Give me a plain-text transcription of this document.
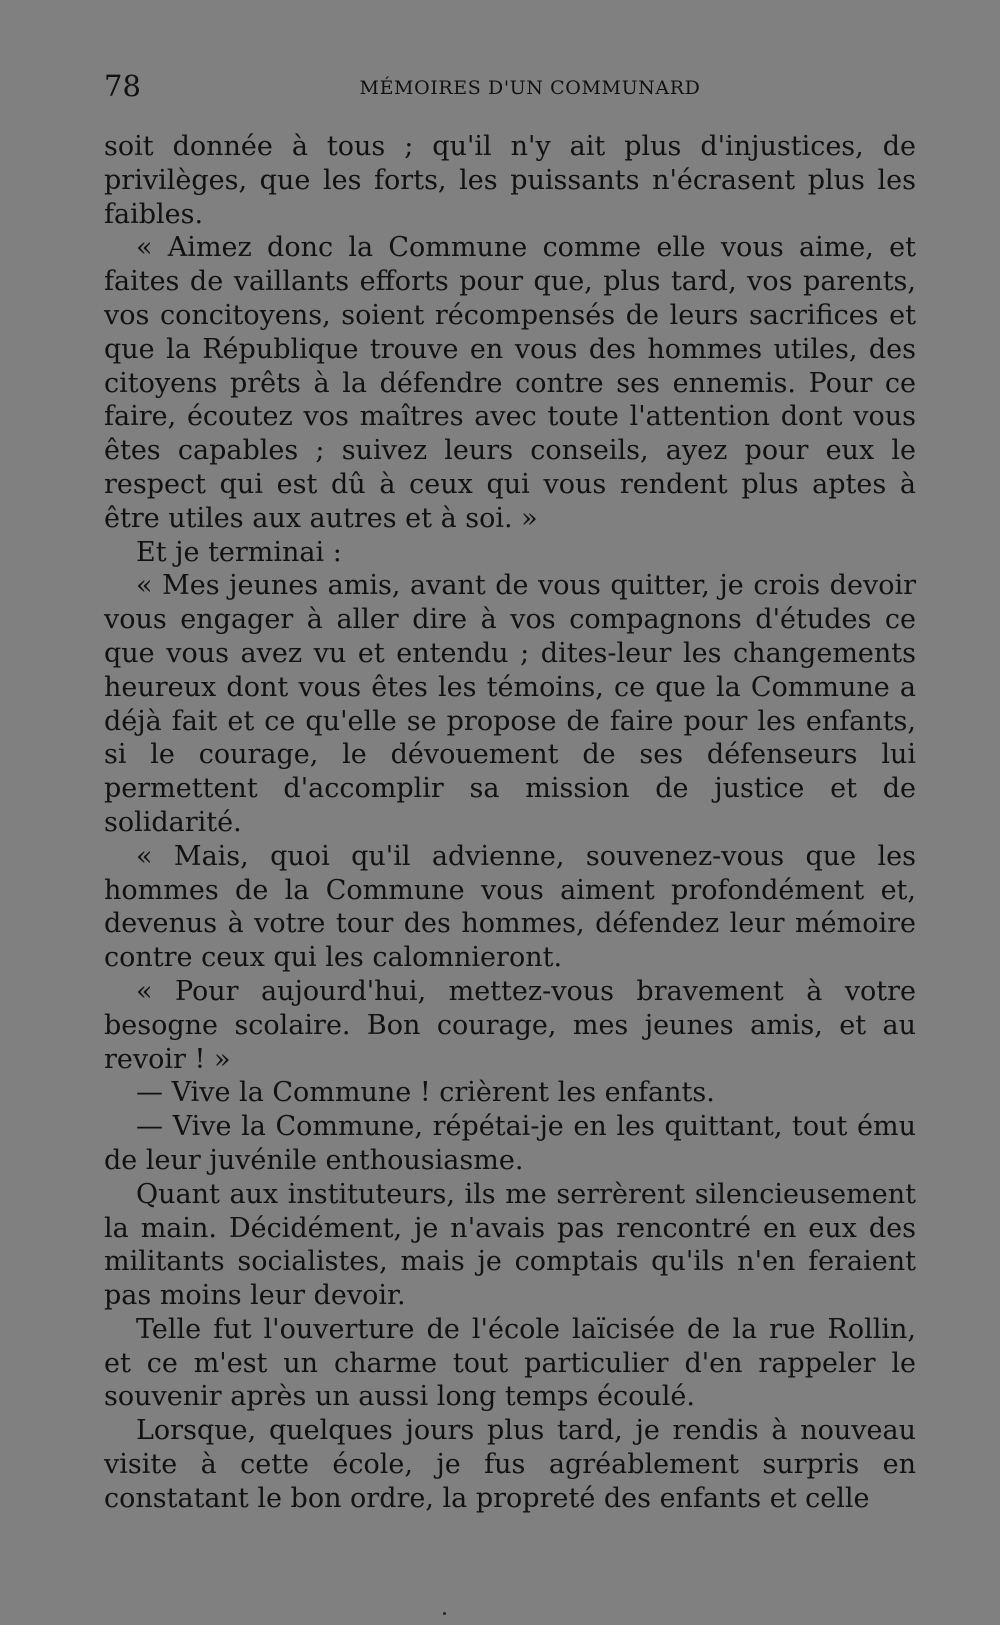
78	MÉMOIRES D'UN COMMUNARD

soit donnée à tous ; qu'il n'y ait plus d'injustices, de privilèges, que les forts, les puissants n'écrasent plus les faibles.

« Aimez donc la Commune comme elle vous aime, et faites de vaillants efforts pour que, plus tard, vos parents, vos concitoyens, soient récompensés de leurs sacrifices et que la République trouve en vous des hommes utiles, des citoyens prêts à la défendre contre ses ennemis. Pour ce faire, écoutez vos maîtres avec toute l'attention dont vous êtes capables ; suivez leurs conseils, ayez pour eux le respect qui est dû à ceux qui vous rendent plus aptes à être utiles aux autres et à soi. »

Et je terminai :

« Mes jeunes amis, avant de vous quitter, je crois devoir vous engager à aller dire à vos compagnons d'études ce que vous avez vu et entendu ; dites-leur les changements heureux dont vous êtes les témoins, ce que la Commune a déjà fait et ce qu'elle se propose de faire pour les enfants, si le courage, le dévouement de ses défenseurs lui permettent d'accomplir sa mission de justice et de solidarité.

« Mais, quoi qu'il advienne, souvenez-vous que les hommes de la Commune vous aiment profondément et, devenus à votre tour des hommes, défendez leur mémoire contre ceux qui les calomnieront.

« Pour aujourd'hui, mettez-vous bravement à votre besogne scolaire. Bon courage, mes jeunes amis, et au revoir ! »

— Vive la Commune ! crièrent les enfants.

— Vive la Commune, répétai-je en les quittant, tout ému de leur juvénile enthousiasme.

Quant aux instituteurs, ils me serrèrent silencieusement la main. Décidément, je n'avais pas rencontré en eux des militants socialistes, mais je comptais qu'ils n'en feraient pas moins leur devoir.

Telle fut l'ouverture de l'école laïcisée de la rue Rollin, et ce m'est un charme tout particulier d'en rappeler le souvenir après un aussi long temps écoulé.

Lorsque, quelques jours plus tard, je rendis à nouveau visite à cette école, je fus agréablement surpris en constatant le bon ordre, la propreté des enfants et celle
